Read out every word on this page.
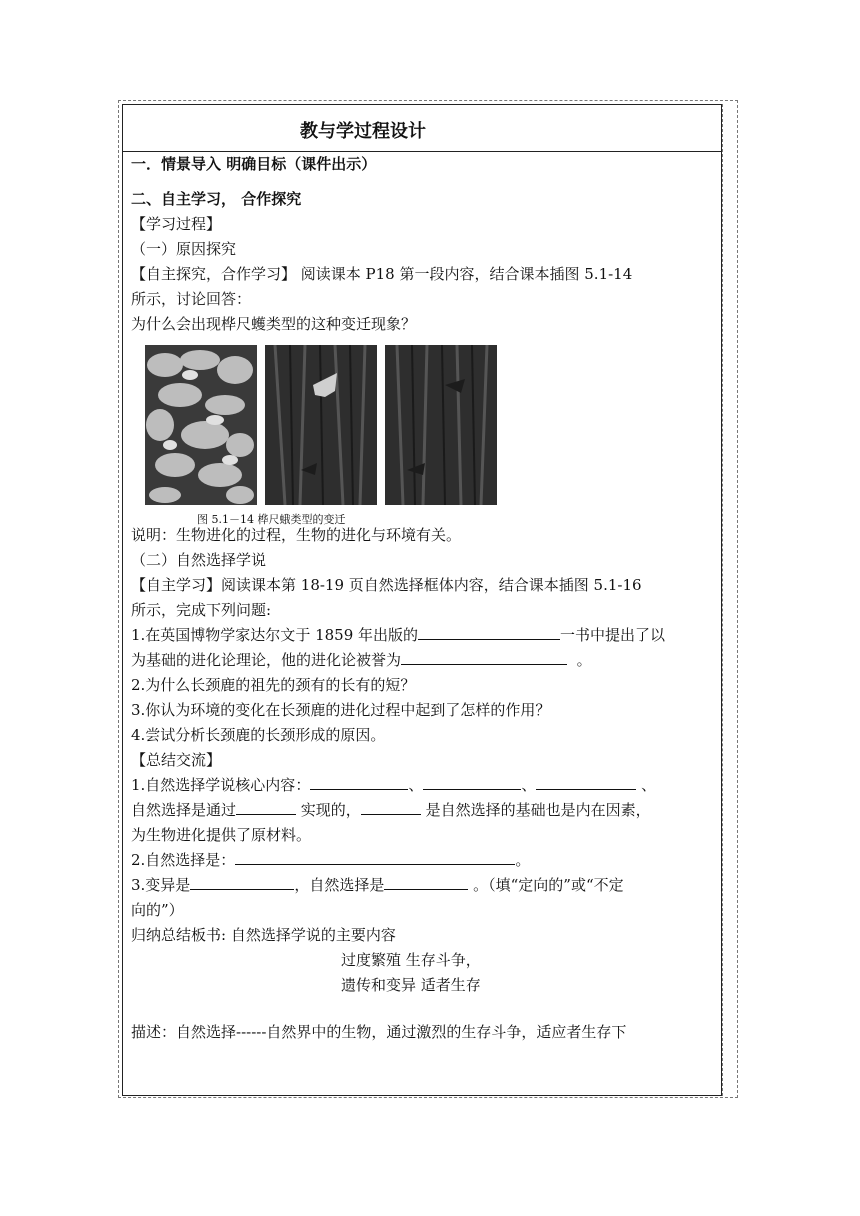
教与学过程设计
一．情景导入 明确目标（课件出示）
二、自主学习， 合作探究
【学习过程】
（一）原因探究
【自主探究，合作学习】 阅读课本 P18 第一段内容，结合课本插图 5.1-14
所示，讨论回答：
为什么会出现桦尺蠖类型的这种变迁现象？
图 5.1－14 桦尺蛾类型的变迁
说明：生物进化的过程，生物的进化与环境有关。
（二）自然选择学说
【自主学习】阅读课本第 18-19 页自然选择框体内容，结合课本插图 5.1-16
所示，完成下列问题:
1.在英国博物学家达尔文于 1859 年出版的	一书中提出了以
为基础的进化论理论，他的进化论被誉为	。
2.为什么长颈鹿的祖先的颈有的长有的短？
3.你认为环境的变化在长颈鹿的进化过程中起到了怎样的作用？
4.尝试分析长颈鹿的长颈形成的原因。
【总结交流】
1.自然选择学说核心内容：	、	、	、
自然选择是通过	实现的，	是自然选择的基础也是内在因素，
为生物进化提供了原材料。
2.自然选择是：	。
3.变异是	，自然选择是	。（填“定向的”或“不定
向的”）
归纳总结板书: 自然选择学说的主要内容
过度繁殖 生存斗争，
遗传和变异 适者生存
描述：自然选择------自然界中的生物，通过激烈的生存斗争，适应者生存下
